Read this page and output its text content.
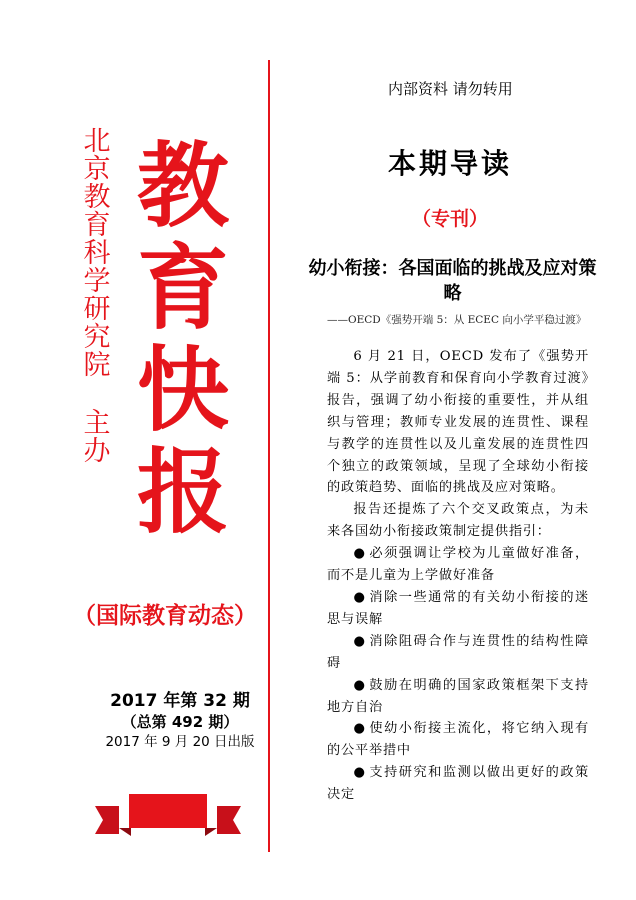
北
京
教
育
科
学
研
究
院
主
办
教
育
快
报
（国际教育动态）
2017 年第 32 期
（总第 492 期）
2017 年 9 月 20 日出版
内部资料 请勿转用
本期导读
（专刊）
幼小衔接：各国面临的挑战及应对策略
——OECD《强势开端 5：从 ECEC 向小学平稳过渡》

6 月 21 日，OECD 发布了《强势开端 5：从学前教育和保育向小学教育过渡》报告，强调了幼小衔接的重要性，并从组织与管理；教师专业发展的连贯性、课程与教学的连贯性以及儿童发展的连贯性四个独立的政策领域，呈现了全球幼小衔接的政策趋势、面临的挑战及应对策略。

报告还提炼了六个交叉政策点，为未来各国幼小衔接政策制定提供指引：

● 必须强调让学校为儿童做好准备，而不是儿童为上学做好准备
● 消除一些通常的有关幼小衔接的迷思与误解
● 消除阻碍合作与连贯性的结构性障碍
● 鼓励在明确的国家政策框架下支持地方自治
● 使幼小衔接主流化，将它纳入现有的公平举措中
● 支持研究和监测以做出更好的政策决定
